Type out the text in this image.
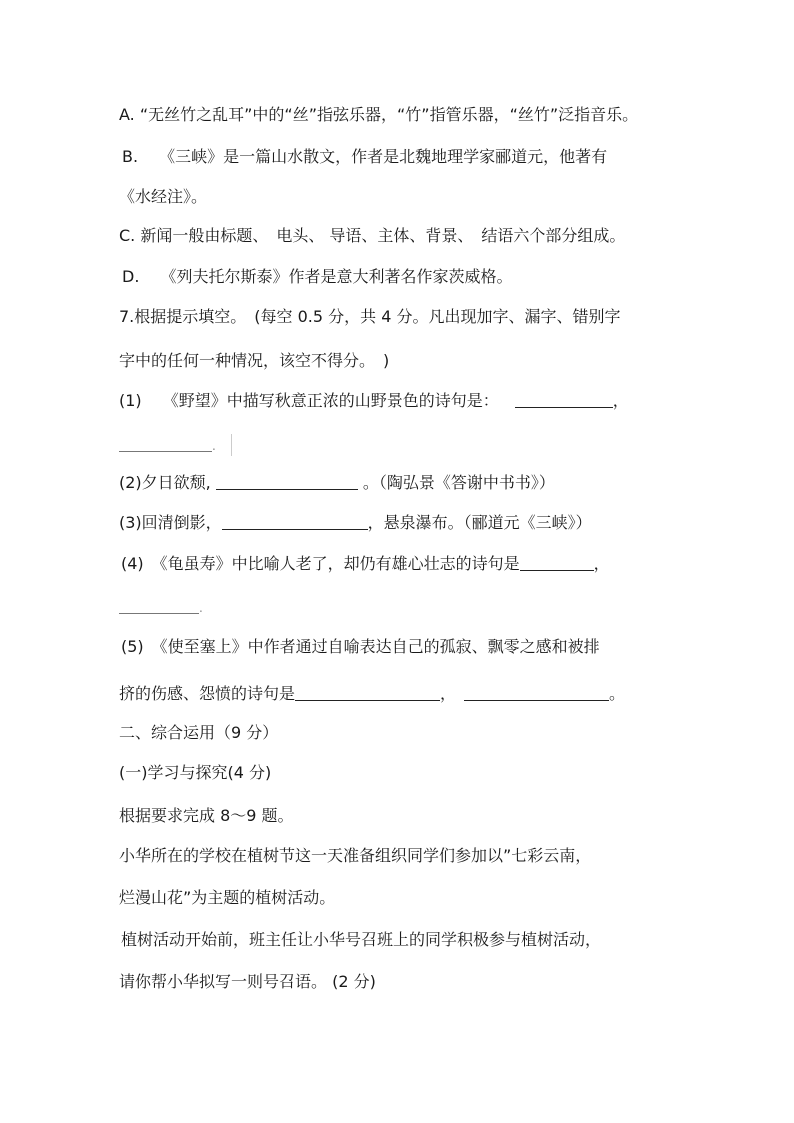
A. “无丝竹之乱耳”中的“丝”指弦乐器，“竹”指管乐器，“丝竹”泛指音乐。
B.　 《三峡》是一篇山水散文，作者是北魏地理学家郦道元，他著有
《水经注》。
C. 新闻一般由标题、　电头、 导语、主体、背景、　结语六个部分组成。
D.　 《列夫托尔斯泰》作者是意大利著名作家茨威格。
7.根据提示填空。　(每空 0.5 分，共 4 分。凡出现加字、漏字、错别字
字中的任何一种情况，该空不得分。　)
(1)　 《野望》中描写秋意正浓的山野景色的诗句是：　	，
.
(2)夕日欲颓,	。（陶弘景《答谢中书书》）
(3)回清倒影，	，悬泉瀑布。（郦道元《三峡》）
(4)　《龟虽寿》中比喻人老了，却仍有雄心壮志的诗句是	，
.
(5)　《使至塞上》中作者通过自喻表达自己的孤寂、飘零之感和被排
挤的伤感、怨愤的诗句是	，	。
二、综合运用（9 分）
(一)学习与探究(4 分)
根据要求完成 8～9 题。
小华所在的学校在植树节这一天准备组织同学们参加以”七彩云南，
烂漫山花”为主题的植树活动。
植树活动开始前，班主任让小华号召班上的同学积极参与植树活动，
请你帮小华拟写一则号召语。 (2 分)
